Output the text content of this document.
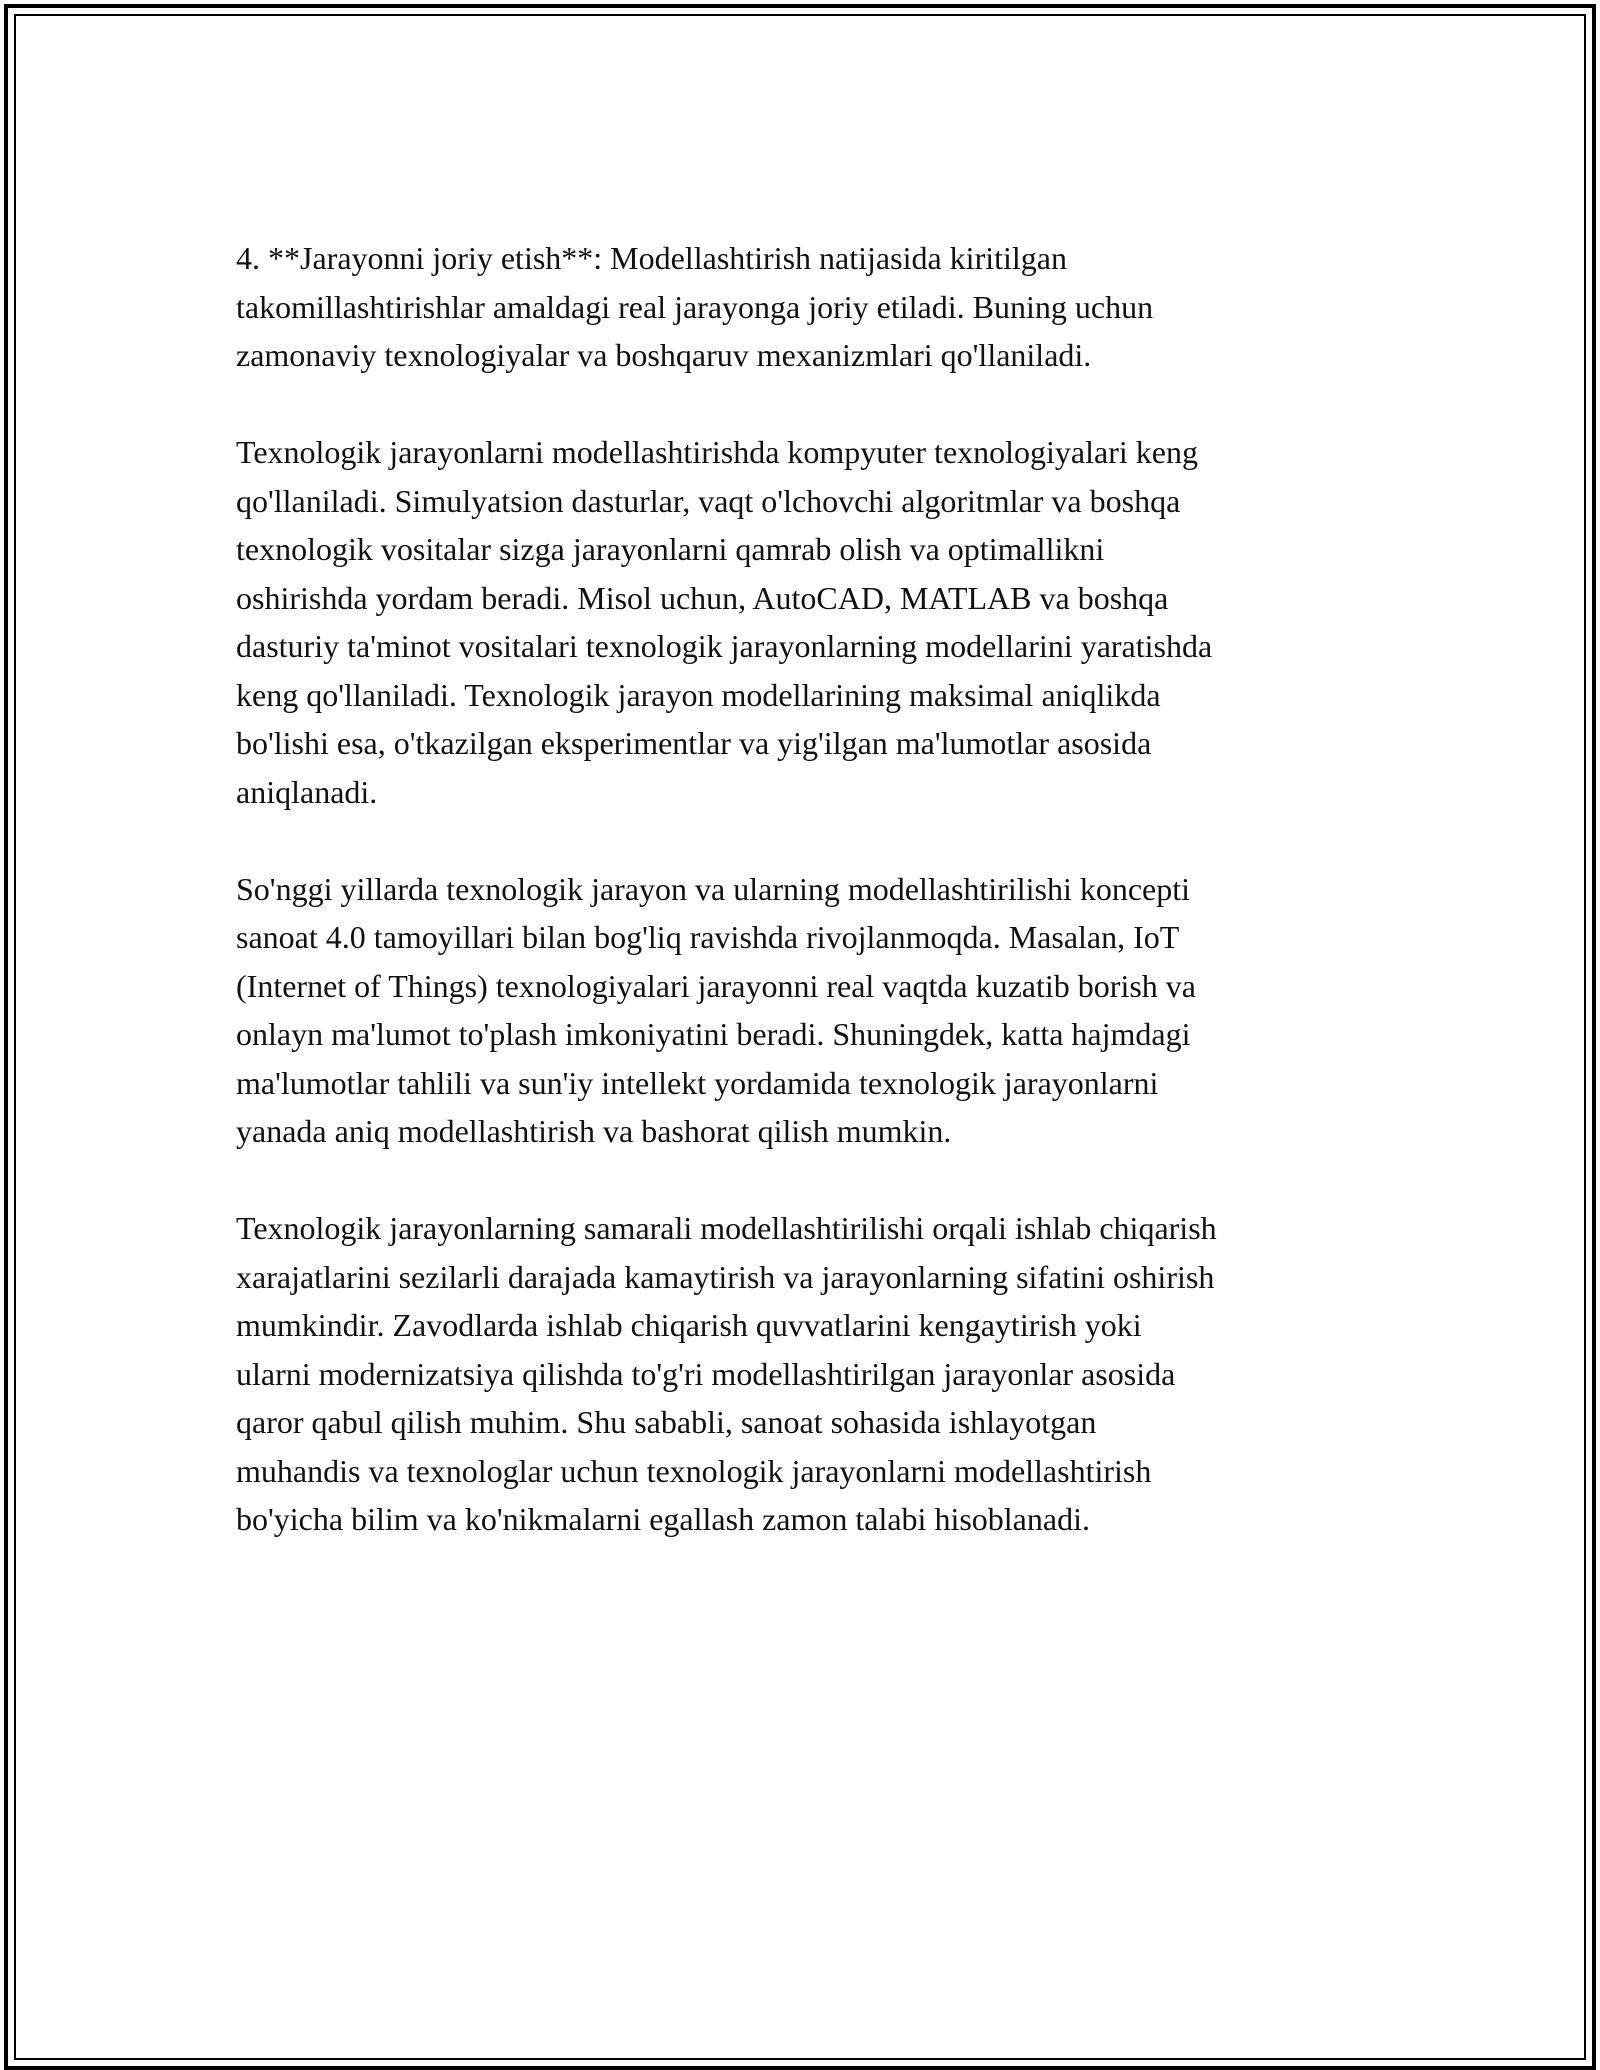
4. **Jarayonni joriy etish**: Modellashtirish natijasida kiritilgan
takomillashtirishlar amaldagi real jarayonga joriy etiladi. Buning uchun
zamonaviy texnologiyalar va boshqaruv mexanizmlari qo'llaniladi.

Texnologik jarayonlarni modellashtirishda kompyuter texnologiyalari keng
qo'llaniladi. Simulyatsion dasturlar, vaqt o'lchovchi algoritmlar va boshqa
texnologik vositalar sizga jarayonlarni qamrab olish va optimallikni
oshirishda yordam beradi. Misol uchun, AutoCAD, MATLAB va boshqa
dasturiy ta'minot vositalari texnologik jarayonlarning modellarini yaratishda
keng qo'llaniladi. Texnologik jarayon modellarining maksimal aniqlikda
bo'lishi esa, o'tkazilgan eksperimentlar va yig'ilgan ma'lumotlar asosida
aniqlanadi.

So'nggi yillarda texnologik jarayon va ularning modellashtirilishi koncepti
sanoat 4.0 tamoyillari bilan bog'liq ravishda rivojlanmoqda. Masalan, IoT
(Internet of Things) texnologiyalari jarayonni real vaqtda kuzatib borish va
onlayn ma'lumot to'plash imkoniyatini beradi. Shuningdek, katta hajmdagi
ma'lumotlar tahlili va sun'iy intellekt yordamida texnologik jarayonlarni
yanada aniq modellashtirish va bashorat qilish mumkin.

Texnologik jarayonlarning samarali modellashtirilishi orqali ishlab chiqarish
xarajatlarini sezilarli darajada kamaytirish va jarayonlarning sifatini oshirish
mumkindir. Zavodlarda ishlab chiqarish quvvatlarini kengaytirish yoki
ularni modernizatsiya qilishda to'g'ri modellashtirilgan jarayonlar asosida
qaror qabul qilish muhim. Shu sababli, sanoat sohasida ishlayotgan
muhandis va texnologlar uchun texnologik jarayonlarni modellashtirish
bo'yicha bilim va ko'nikmalarni egallash zamon talabi hisoblanadi.
